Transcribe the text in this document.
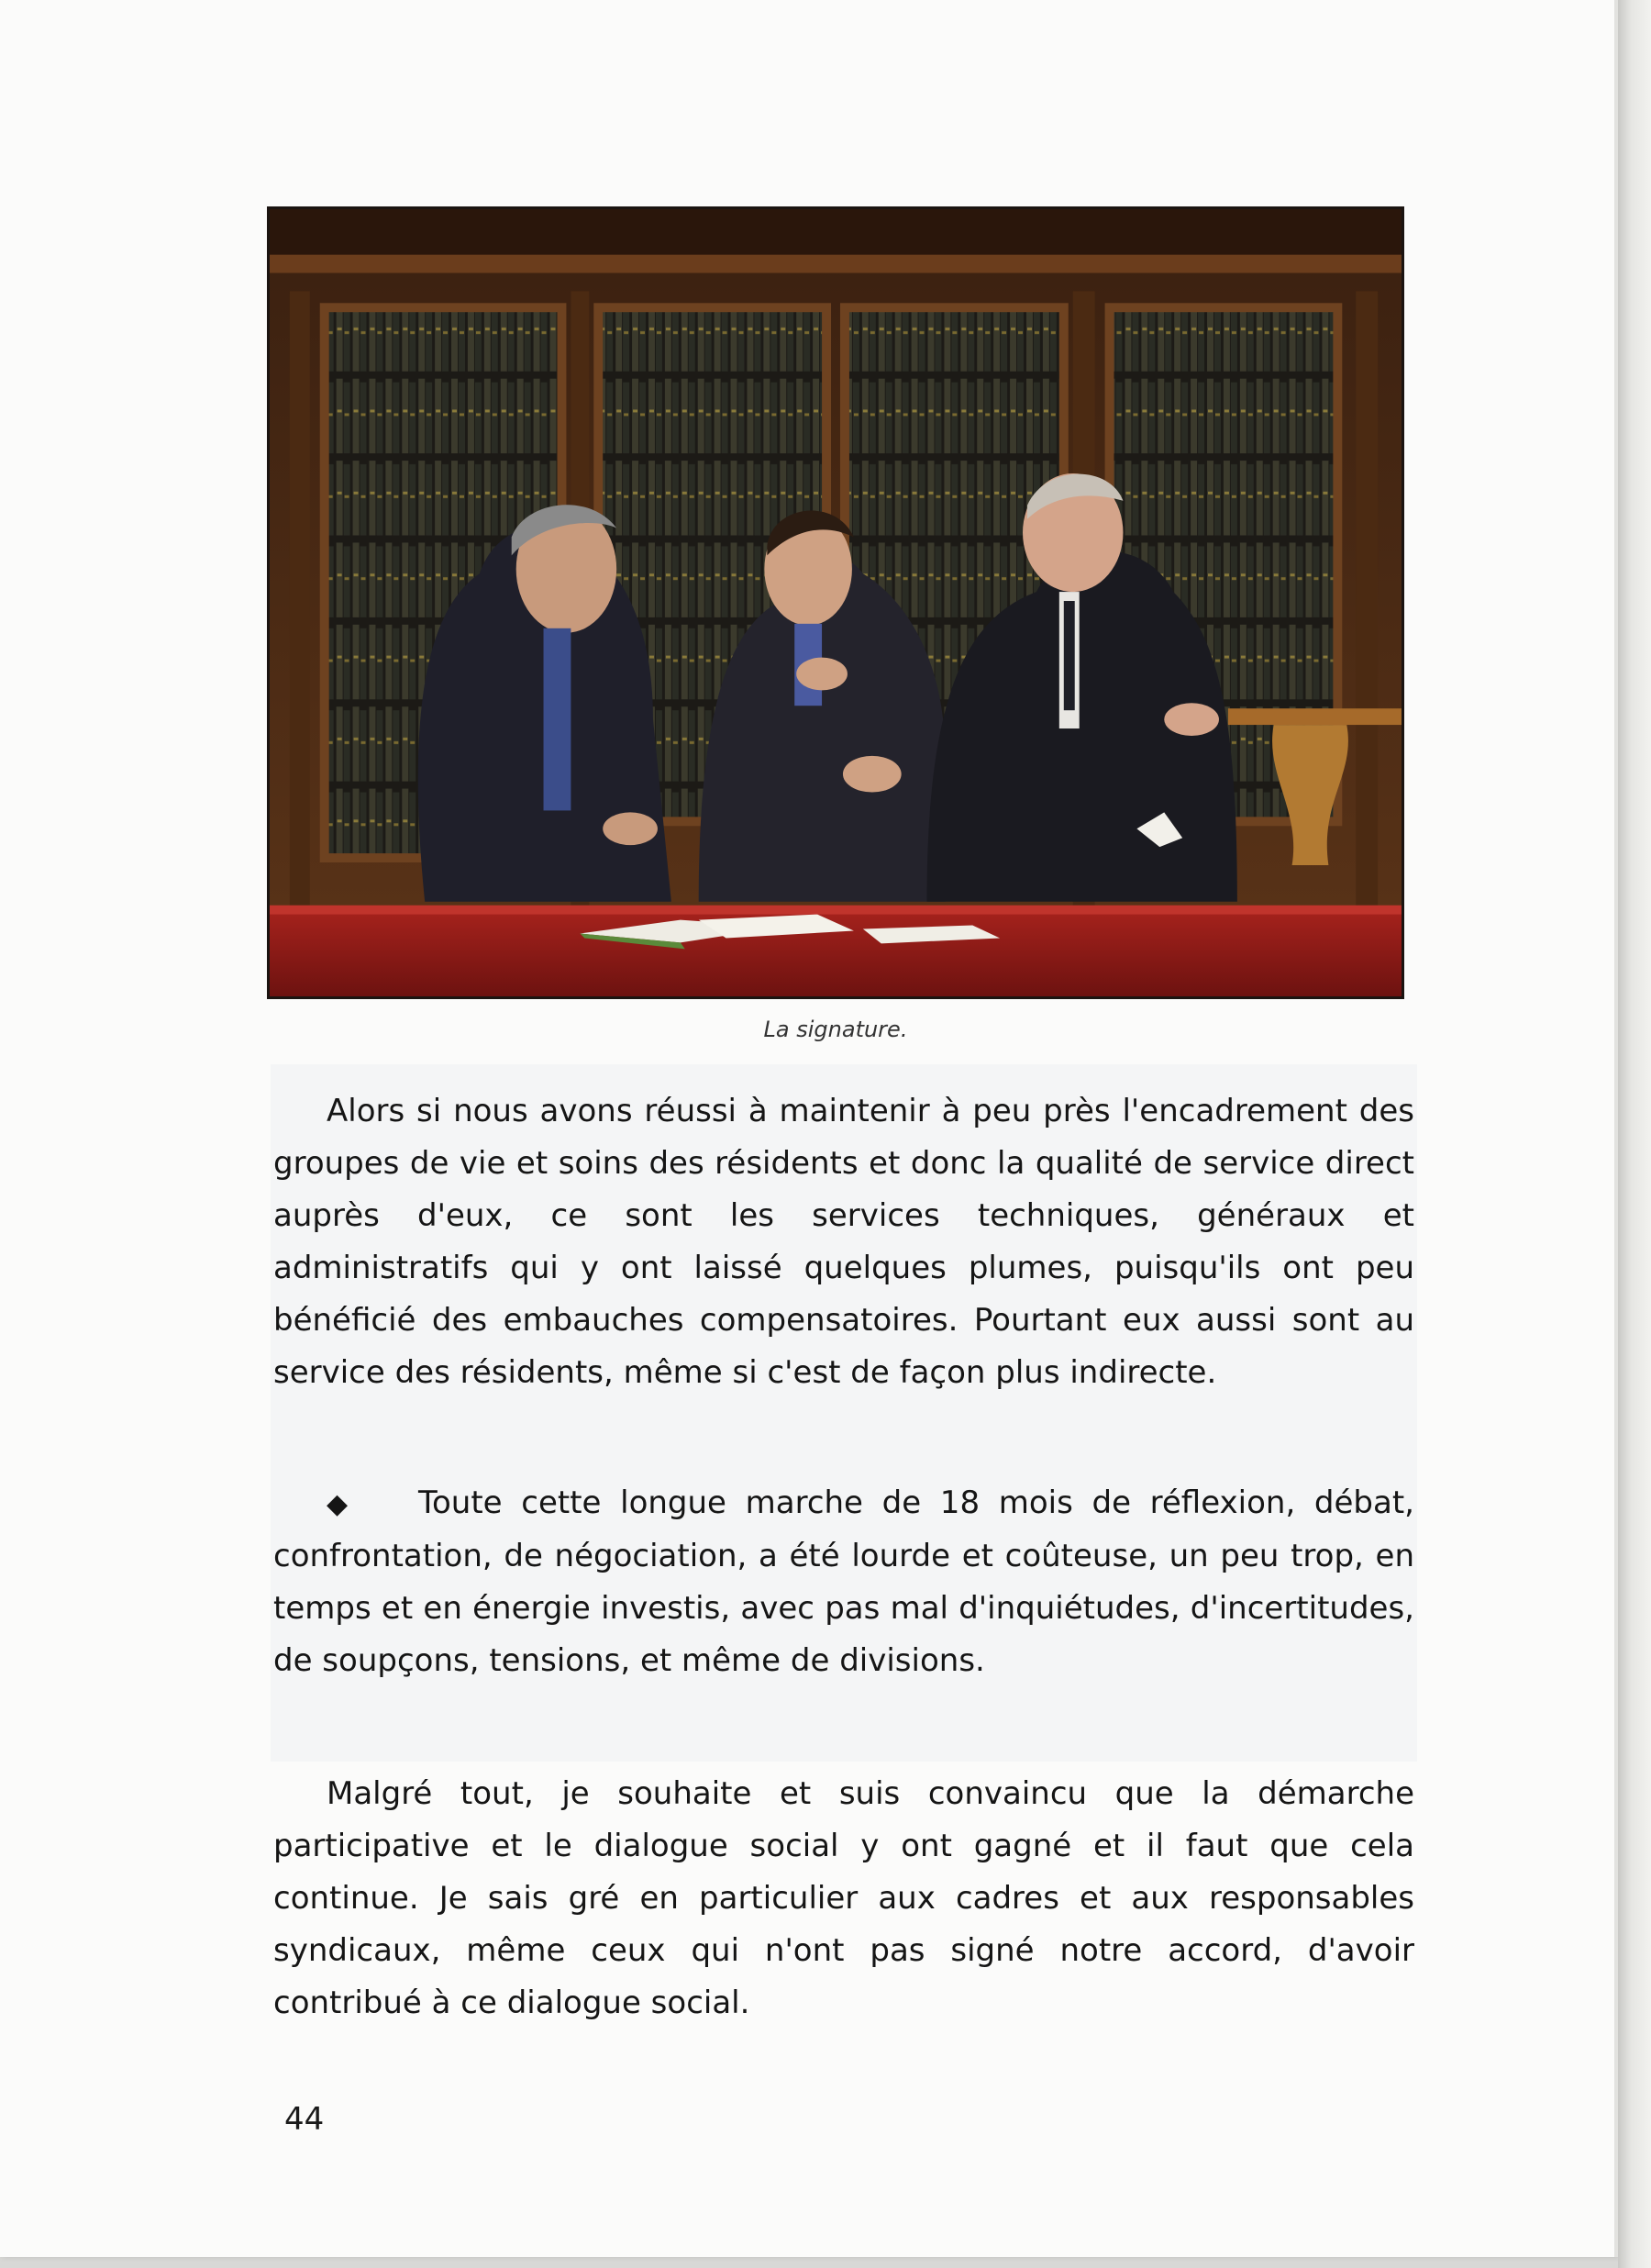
La signature.

Alors si nous avons réussi à maintenir à peu près l'encadrement des groupes de vie et soins des résidents et donc la qualité de service direct auprès d'eux, ce sont les services techniques, généraux et administratifs qui y ont laissé quelques plumes, puisqu'ils ont peu bénéficié des embauches compensatoires. Pourtant eux aussi sont au service des résidents, même si c'est de façon plus indirecte.

◆ Toute cette longue marche de 18 mois de réflexion, débat, confrontation, de négociation, a été lourde et coûteuse, un peu trop, en temps et en énergie investis, avec pas mal d'inquiétudes, d'incertitudes, de soupçons, tensions, et même de divisions.

Malgré tout, je souhaite et suis convaincu que la démarche participative et le dialogue social y ont gagné et il faut que cela continue. Je sais gré en particulier aux cadres et aux responsables syndicaux, même ceux qui n'ont pas signé notre accord, d'avoir contribué à ce dialogue social.

44
